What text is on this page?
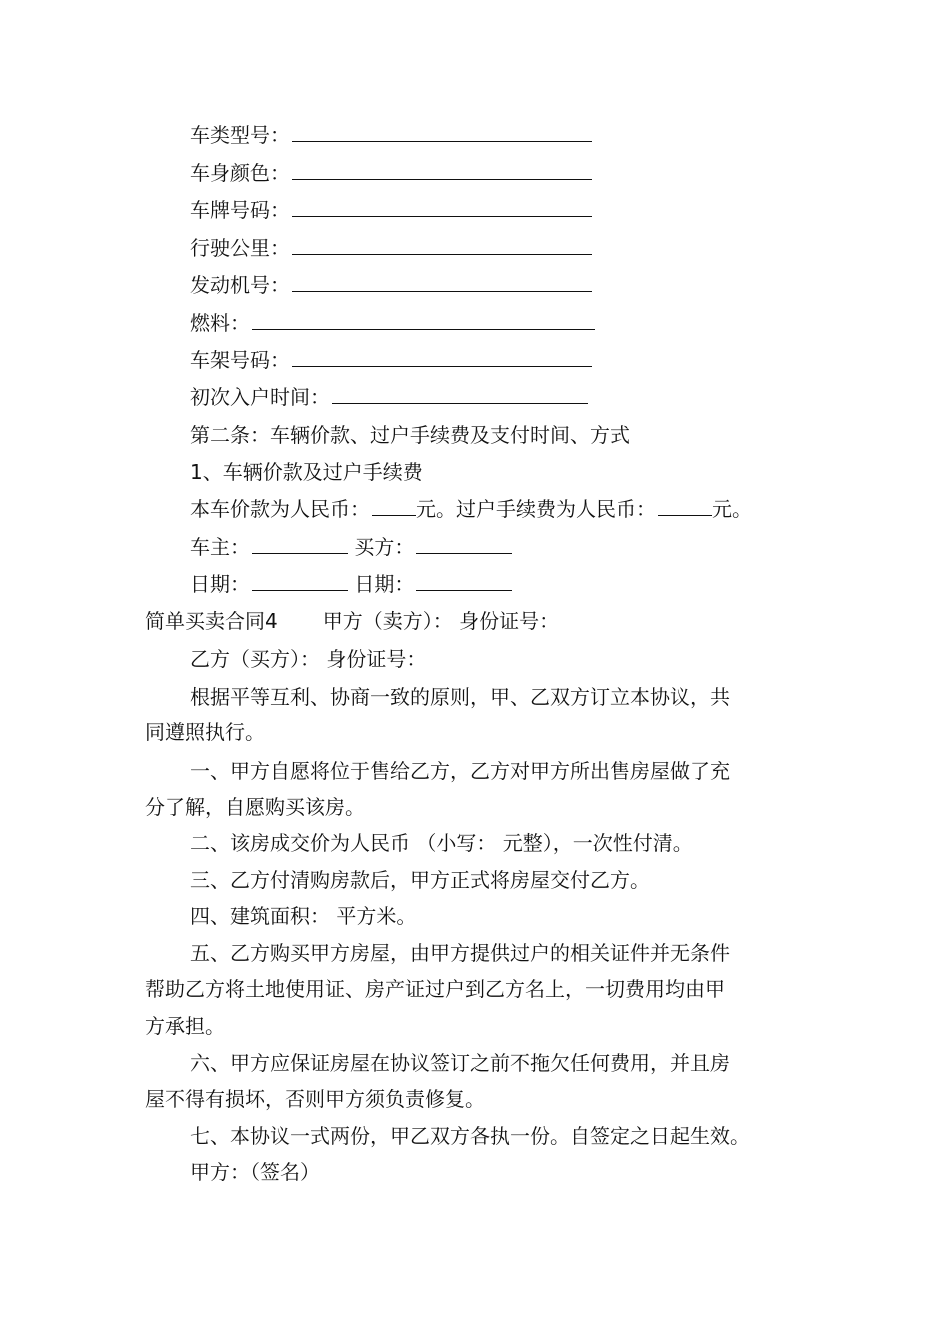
车类型号：
车身颜色：
车牌号码：
行驶公里：
发动机号：
燃料：
车架号码：
初次入户时间：
第二条：车辆价款、过户手续费及支付时间、方式
1、车辆价款及过户手续费
本车价款为人民币： 元。过户手续费为人民币：	元。
车主：	买方：
日期：	日期：
简单买卖合同4 甲方（卖方）： 身份证号：
乙方（买方）： 身份证号：
根据平等互利、协商一致的原则，甲、乙双方订立本协议，共
同遵照执行。
一、甲方自愿将位于售给乙方，乙方对甲方所出售房屋做了充
分了解，自愿购买该房。
二、该房成交价为人民币 （小写： 元整），一次性付清。
三、乙方付清购房款后，甲方正式将房屋交付乙方。
四、建筑面积： 平方米。
五、乙方购买甲方房屋，由甲方提供过户的相关证件并无条件
帮助乙方将土地使用证、房产证过户到乙方名上，一切费用均由甲
方承担。
六、甲方应保证房屋在协议签订之前不拖欠任何费用，并且房
屋不得有损坏，否则甲方须负责修复。
七、本协议一式两份，甲乙双方各执一份。自签定之日起生效。
甲方：（签名）
